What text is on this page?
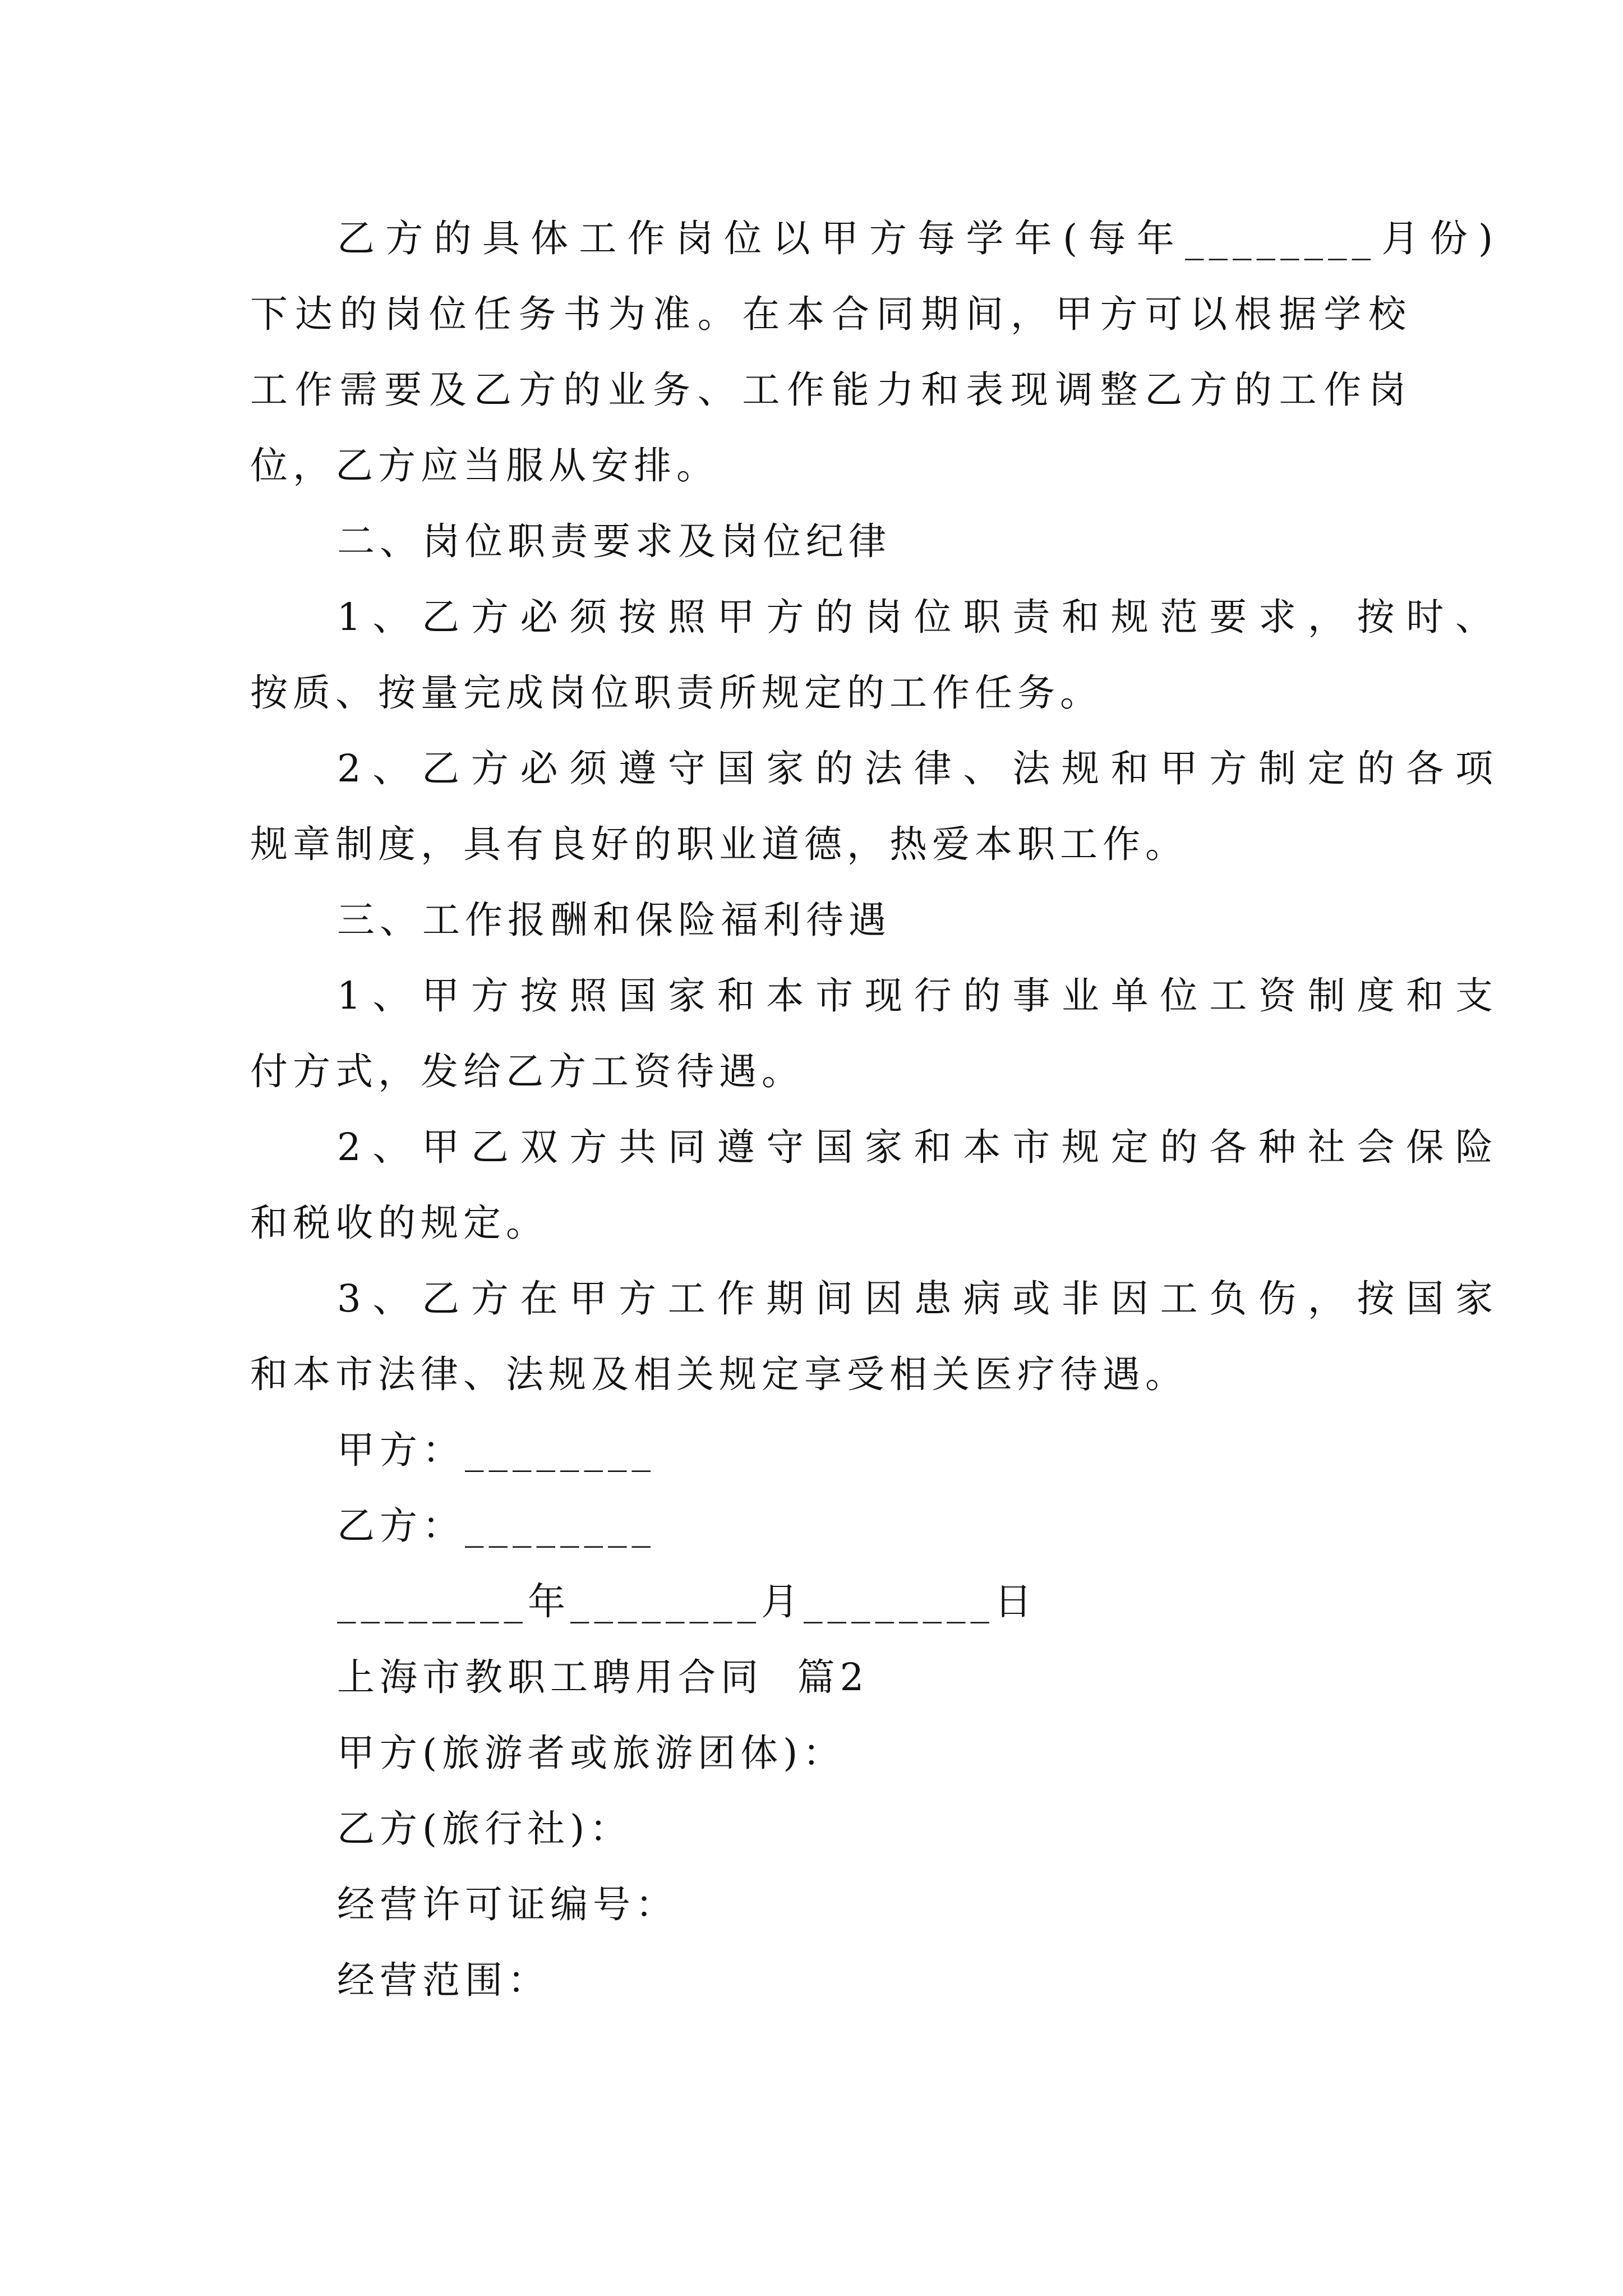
乙方的具体工作岗位以甲方每学年(每年________月份)

下达的岗位任务书为准。在本合同期间，甲方可以根据学校

工作需要及乙方的业务、工作能力和表现调整乙方的工作岗

位，乙方应当服从安排。

二、岗位职责要求及岗位纪律

1、乙方必须按照甲方的岗位职责和规范要求，按时、

按质、按量完成岗位职责所规定的工作任务。

2、乙方必须遵守国家的法律、法规和甲方制定的各项

规章制度，具有良好的职业道德，热爱本职工作。

三、工作报酬和保险福利待遇

1、甲方按照国家和本市现行的事业单位工资制度和支

付方式，发给乙方工资待遇。

2、甲乙双方共同遵守国家和本市规定的各种社会保险

和税收的规定。

3、乙方在甲方工作期间因患病或非因工负伤，按国家

和本市法律、法规及相关规定享受相关医疗待遇。

甲方：________

乙方：________

________年________月________日

上海市教职工聘用合同  篇2

甲方(旅游者或旅游团体)：

乙方(旅行社)：

经营许可证编号：

经营范围：
